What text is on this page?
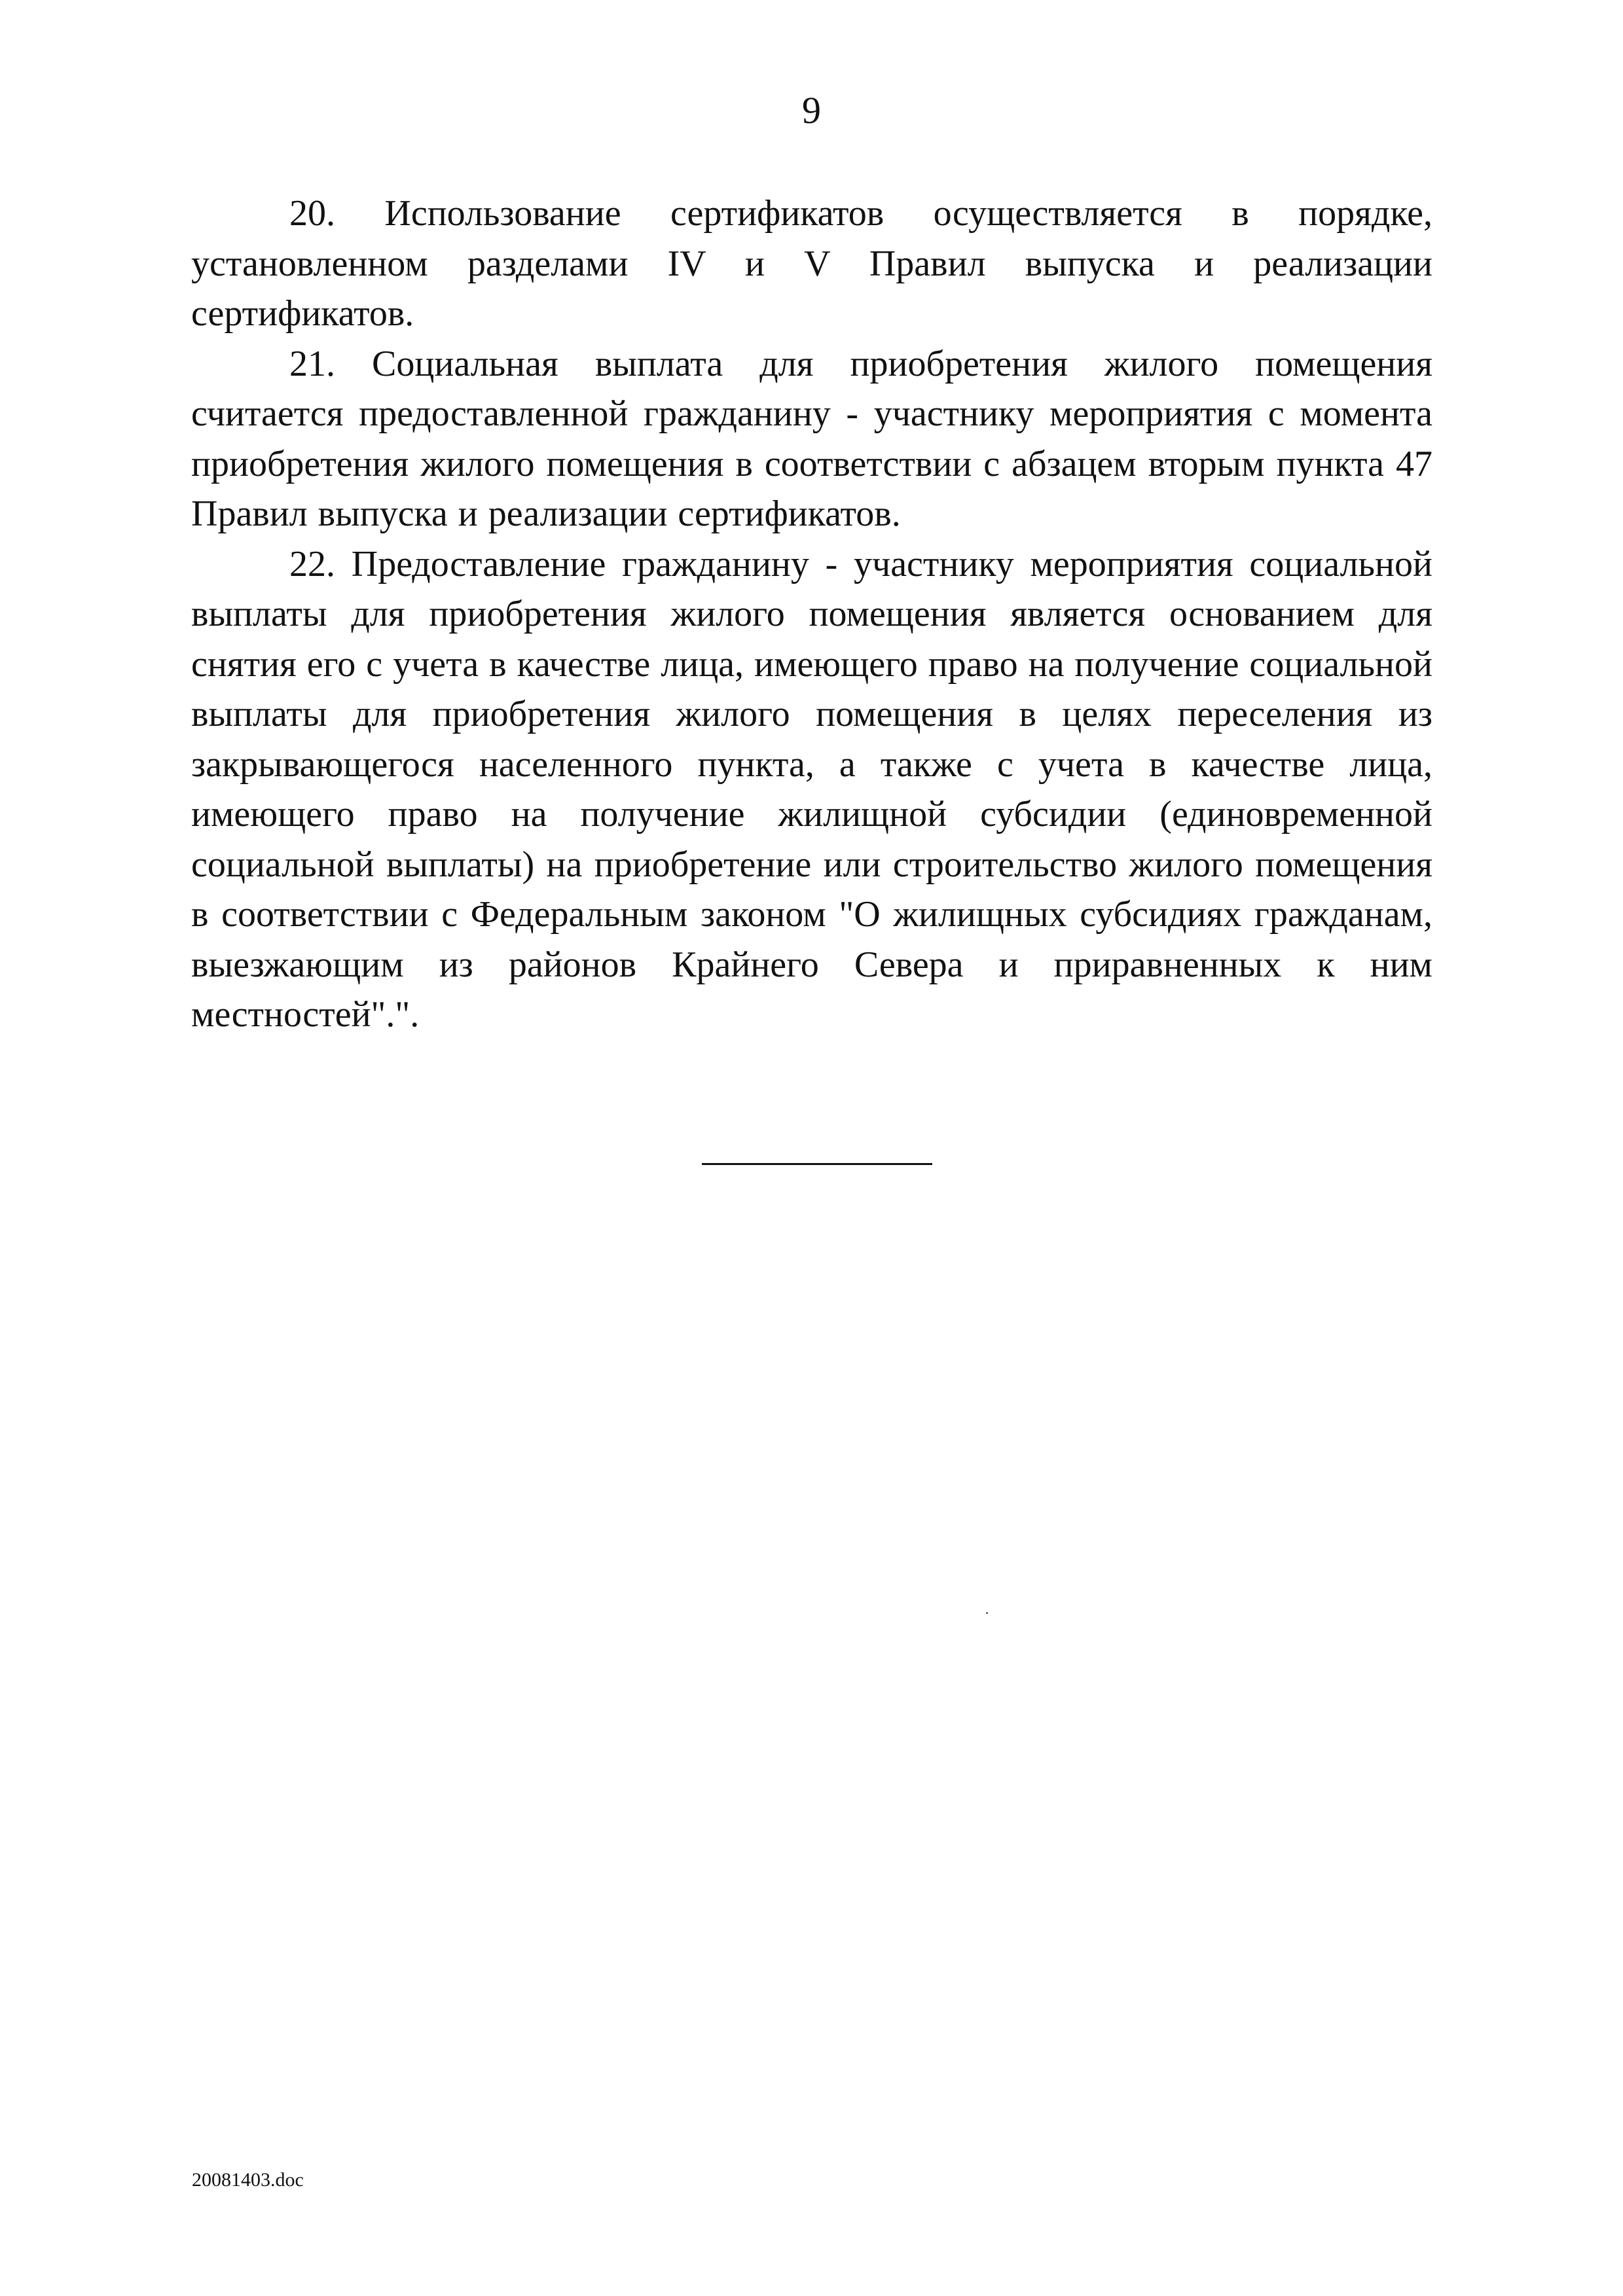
9

20. Использование сертификатов осуществляется в порядке, установленном разделами IV и V Правил выпуска и реализации сертификатов.

21. Социальная выплата для приобретения жилого помещения считается предоставленной гражданину - участнику мероприятия с момента приобретения жилого помещения в соответствии с абзацем вторым пункта 47 Правил выпуска и реализации сертификатов.

22. Предоставление гражданину - участнику мероприятия социальной выплаты для приобретения жилого помещения является основанием для снятия его с учета в качестве лица, имеющего право на получение социальной выплаты для приобретения жилого помещения в целях переселения из закрывающегося населенного пункта, а также с учета в качестве лица, имеющего право на получение жилищной субсидии (единовременной социальной выплаты) на приобретение или строительство жилого помещения в соответствии с Федеральным законом "О жилищных субсидиях гражданам, выезжающим из районов Крайнего Севера и приравненных к ним местностей".".

20081403.doc
